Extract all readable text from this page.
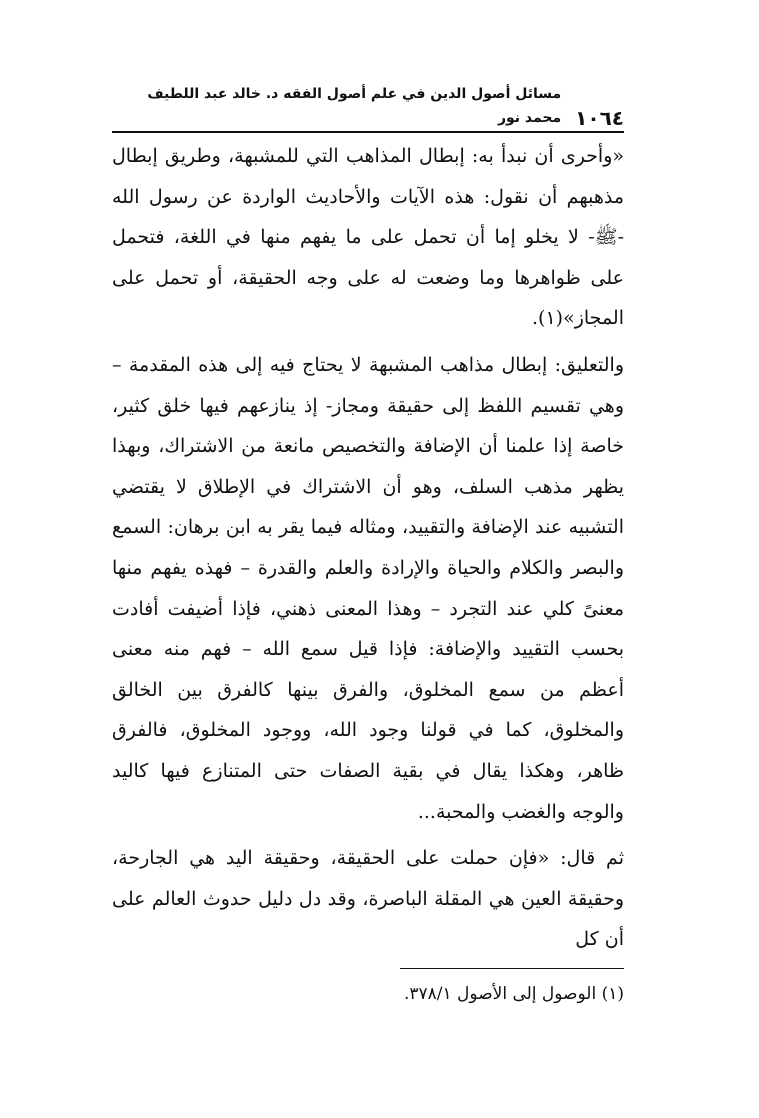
١٠٦٤
مسائل أصول الدين في علم أصول الفقه د. خالد عبد اللطيف محمد نور

«وأحرى أن نبدأ به: إبطال المذاهب التي للمشبهة، وطريق إبطال مذهبهم أن نقول: هذه الآيات والأحاديث الواردة عن رسول الله -ﷺ- لا يخلو إما أن تحمل على ما يفهم منها في اللغة، فتحمل على ظواهرها وما وضعت له على وجه الحقيقة، أو تحمل على المجاز»(١).

والتعليق: إبطال مذاهب المشبهة لا يحتاج فيه إلى هذه المقدمة – وهي تقسيم اللفظ إلى حقيقة ومجاز- إذ ينازعهم فيها خلق كثير، خاصة إذا علمنا أن الإضافة والتخصيص مانعة من الاشتراك، وبهذا يظهر مذهب السلف، وهو أن الاشتراك في الإطلاق لا يقتضي التشبيه عند الإضافة والتقييد، ومثاله فيما يقر به ابن برهان: السمع والبصر والكلام والحياة والإرادة والعلم والقدرة – فهذه يفهم منها معنىً كلي عند التجرد – وهذا المعنى ذهني، فإذا أضيفت أفادت بحسب التقييد والإضافة: فإذا قيل سمع الله – فهم منه معنى أعظم من سمع المخلوق، والفرق بينها كالفرق بين الخالق والمخلوق، كما في قولنا وجود الله، ووجود المخلوق، فالفرق ظاهر، وهكذا يقال في بقية الصفات حتى المتنازع فيها كاليد والوجه والغضب والمحبة...

ثم قال: «فإن حملت على الحقيقة، وحقيقة اليد هي الجارحة، وحقيقة العين هي المقلة الباصرة، وقد دل دليل حدوث العالم على أن كل

(١) الوصول إلى الأصول ٣٧٨/١.
